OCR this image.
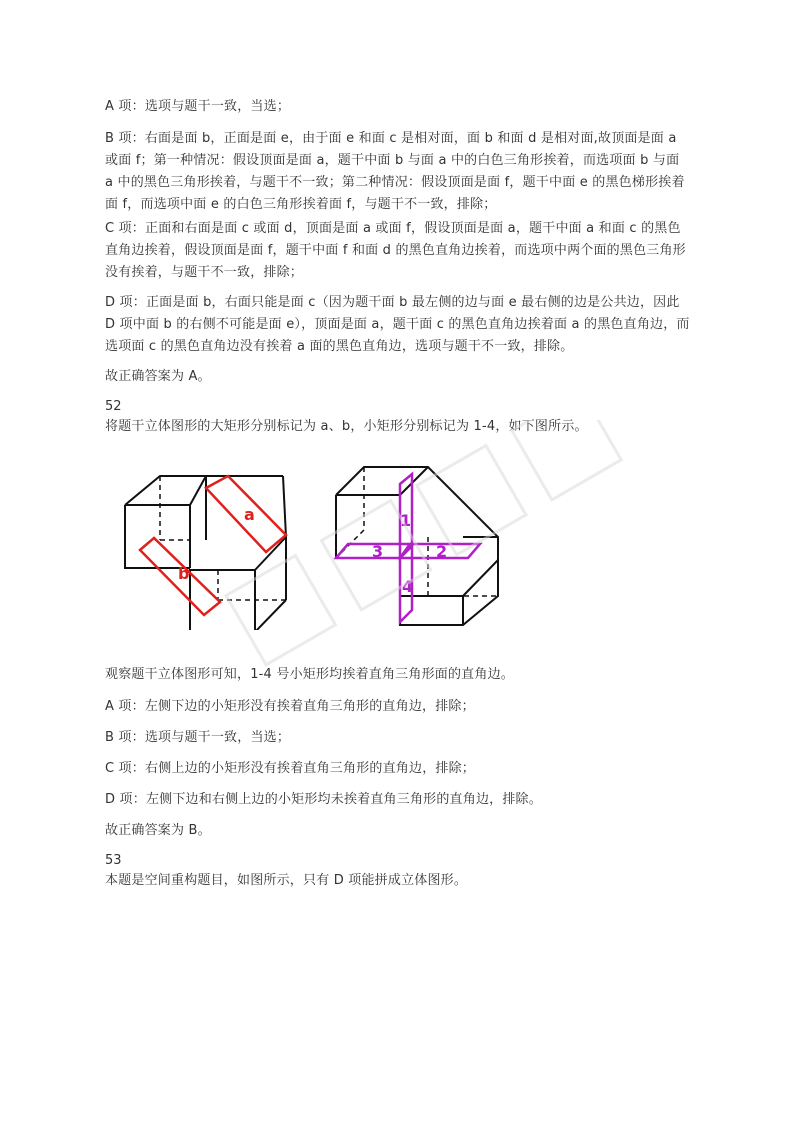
A 项：选项与题干一致，当选；

B 项：右面是面 b，正面是面 e，由于面 e 和面 c 是相对面，面 b 和面 d 是相对面,故顶面是面 a 或面 f；第一种情况：假设顶面是面 a，题干中面 b 与面 a 中的白色三角形挨着，而选项面 b 与面 a 中的黑色三角形挨着，与题干不一致；第二种情况：假设顶面是面 f，题干中面 e 的黑色梯形挨着面 f，而选项中面 e 的白色三角形挨着面 f，与题干不一致，排除；

C 项：正面和右面是面 c 或面 d，顶面是面 a 或面 f，假设顶面是面 a，题干中面 a 和面 c 的黑色直角边挨着，假设顶面是面 f，题干中面 f 和面 d 的黑色直角边挨着，而选项中两个面的黑色三角形没有挨着，与题干不一致，排除；

D 项：正面是面 b，右面只能是面 c（因为题干面 b 最左侧的边与面 e 最右侧的边是公共边，因此 D 项中面 b 的右侧不可能是面 e），顶面是面 a，题干面 c 的黑色直角边挨着面 a 的黑色直角边，而选项面 c 的黑色直角边没有挨着 a 面的黑色直角边，选项与题干不一致，排除。

故正确答案为 A。

52

将题干立体图形的大矩形分别标记为 a、b，小矩形分别标记为 1-4，如下图所示。

a
b
1
2
3
4

观察题干立体图形可知，1-4 号小矩形均挨着直角三角形面的直角边。

A 项：左侧下边的小矩形没有挨着直角三角形的直角边，排除；

B 项：选项与题干一致，当选；

C 项：右侧上边的小矩形没有挨着直角三角形的直角边，排除；

D 项：左侧下边和右侧上边的小矩形均未挨着直角三角形的直角边，排除。

故正确答案为 B。

53

本题是空间重构题目，如图所示，只有 D 项能拼成立体图形。
